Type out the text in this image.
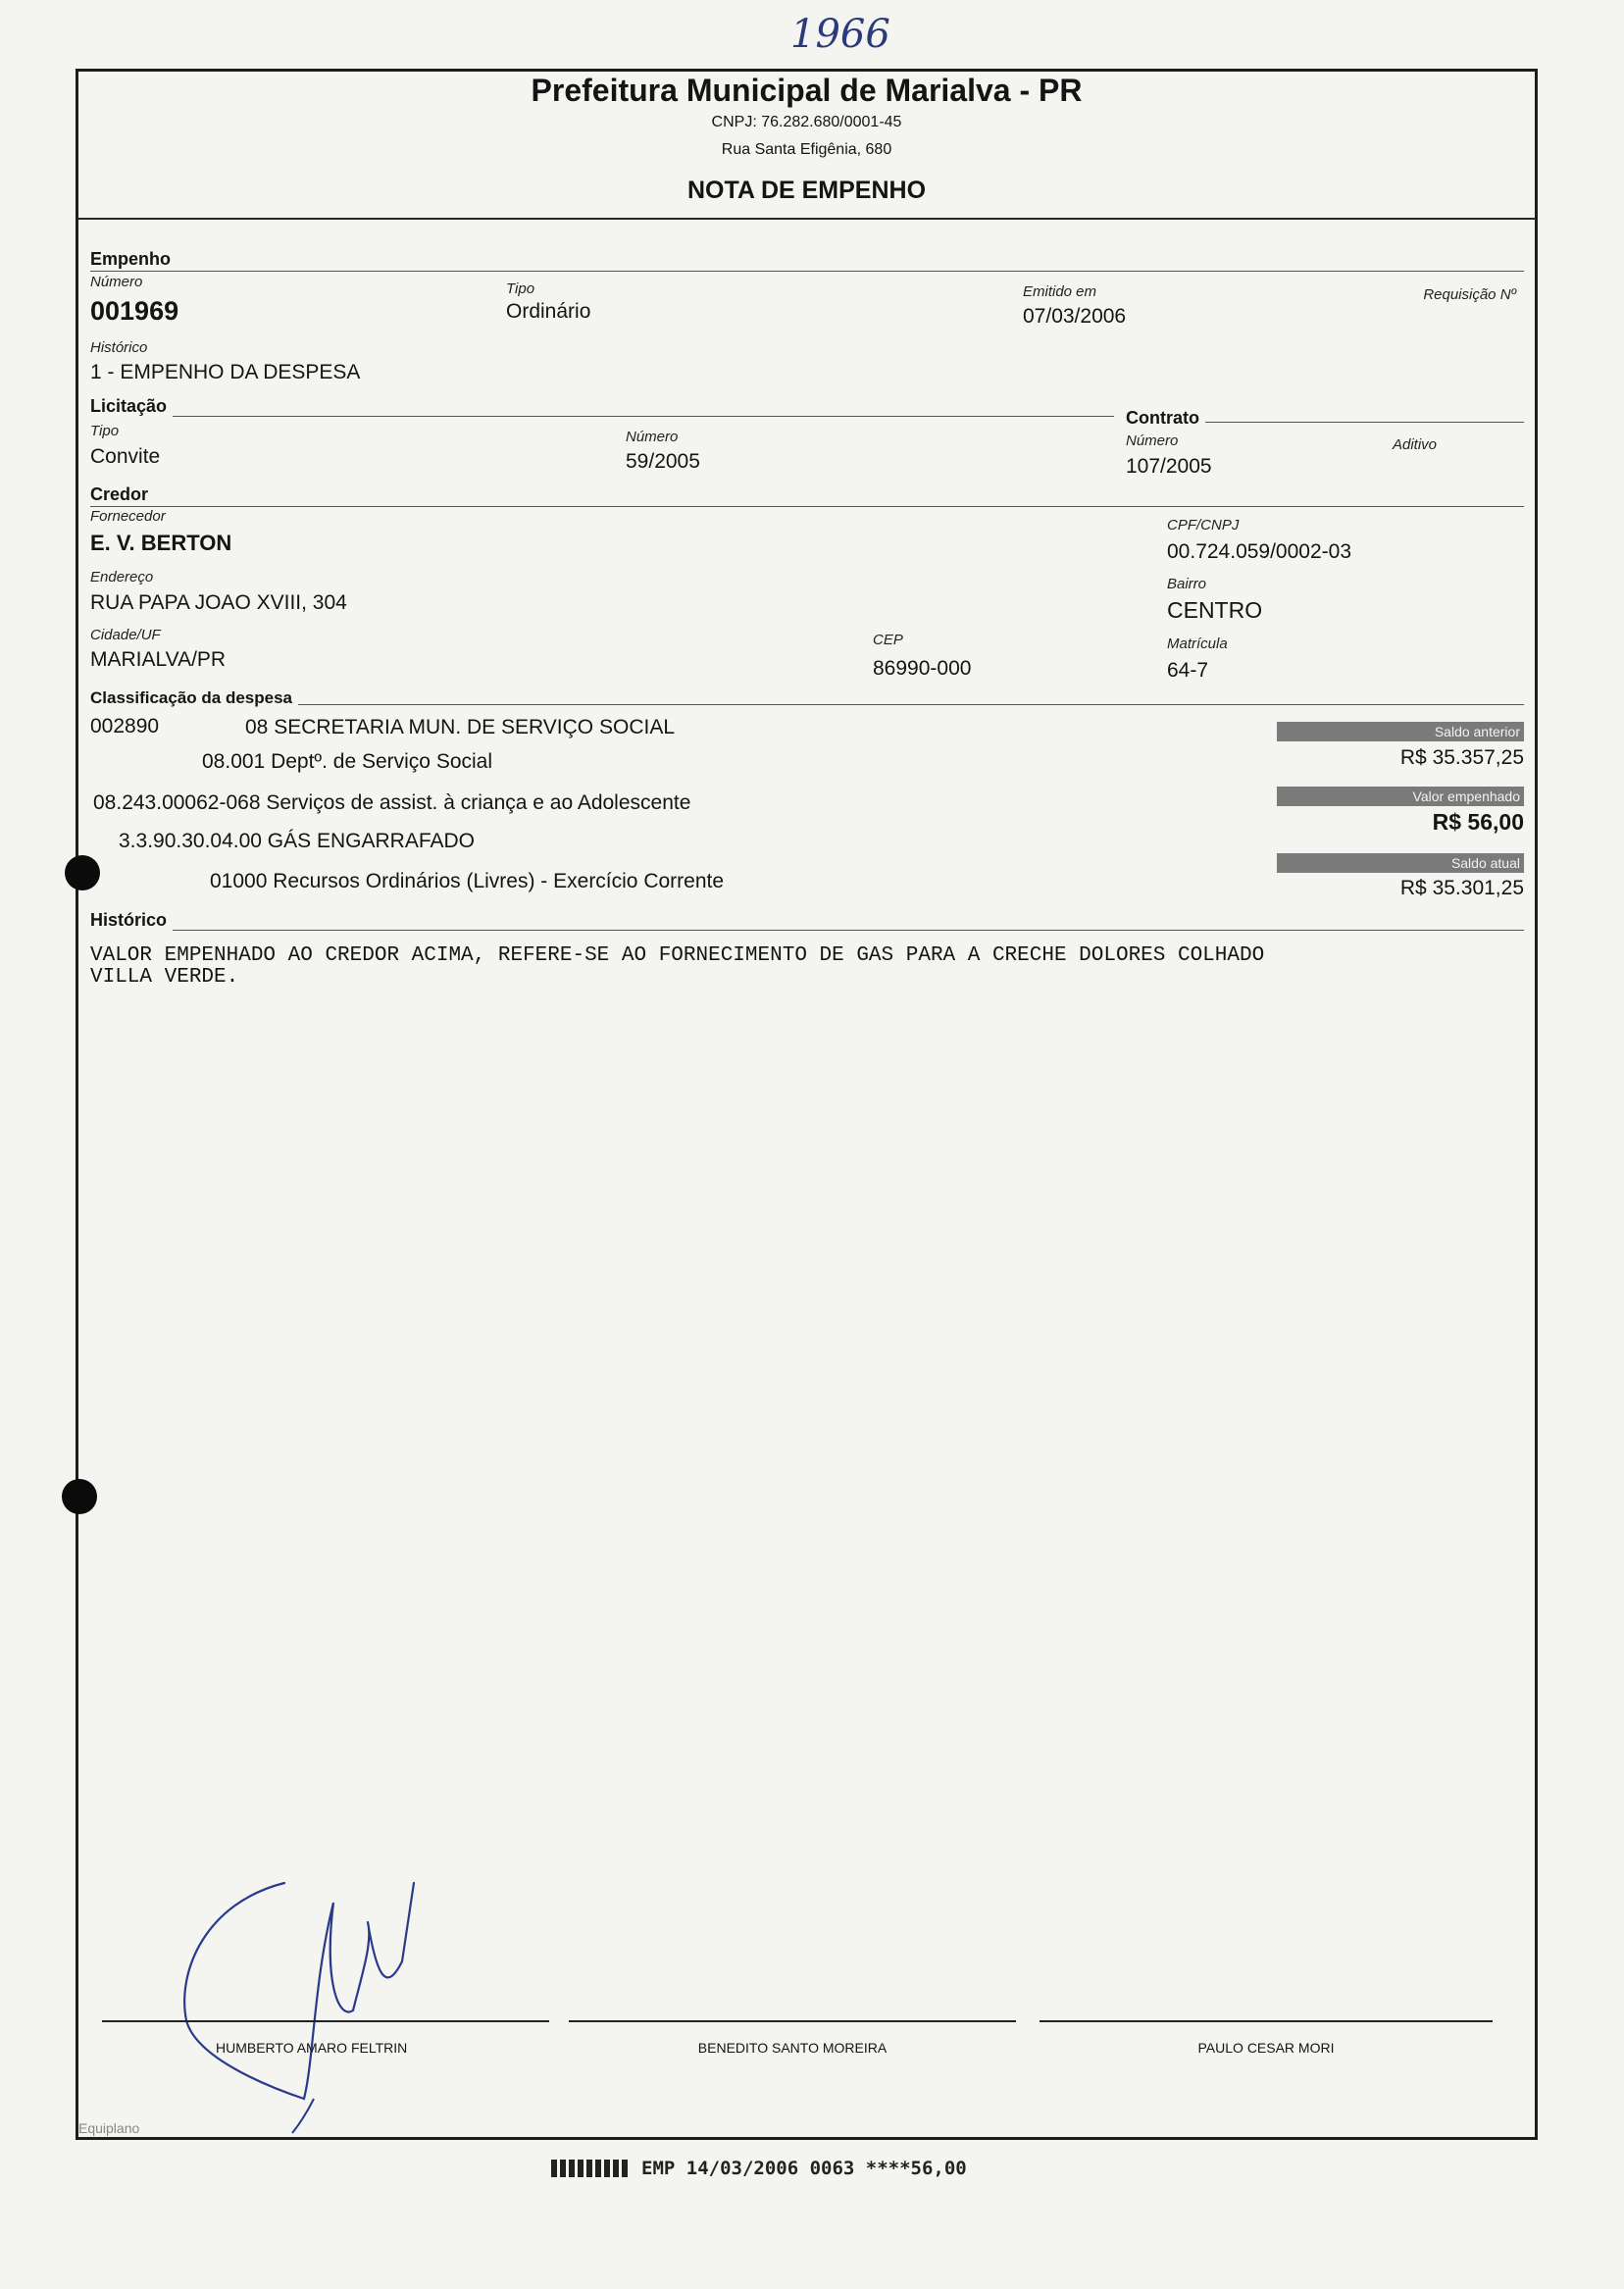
1966
Prefeitura Municipal de Marialva - PR
CNPJ: 76.282.680/0001-45
Rua Santa Efigênia, 680
NOTA DE EMPENHO
Empenho
Número
001969
Tipo
Ordinário
Emitido em
07/03/2006
Requisição Nº
Histórico
1 - EMPENHO DA DESPESA
Licitação
Tipo
Convite
Número
59/2005
Contrato
Número
107/2005
Aditivo
Credor
Fornecedor
E. V. BERTON
CPF/CNPJ
00.724.059/0002-03
Endereço
RUA PAPA JOAO XVIII, 304
Bairro
CENTRO
Cidade/UF
MARIALVA/PR
CEP
86990-000
Matrícula
64-7
Classificação da despesa
002890	08 SECRETARIA MUN. DE SERVIÇO SOCIAL
08.001 Deptº. de Serviço Social
08.243.00062-068 Serviços de assist. à criança e ao Adolescente
3.3.90.30.04.00 GÁS ENGARRAFADO
01000 Recursos Ordinários (Livres) - Exercício Corrente
Saldo anterior
R$ 35.357,25
Valor empenhado
R$ 56,00
Saldo atual
R$ 35.301,25
Histórico
VALOR EMPENHADO AO CREDOR ACIMA, REFERE-SE AO FORNECIMENTO DE GAS PARA A CRECHE DOLORES COLHADO
VILLA VERDE.
HUMBERTO AMARO FELTRIN	BENEDITO SANTO MOREIRA	PAULO CESAR MORI
Equiplano
EMP 14/03/2006 0063 ****56,00
